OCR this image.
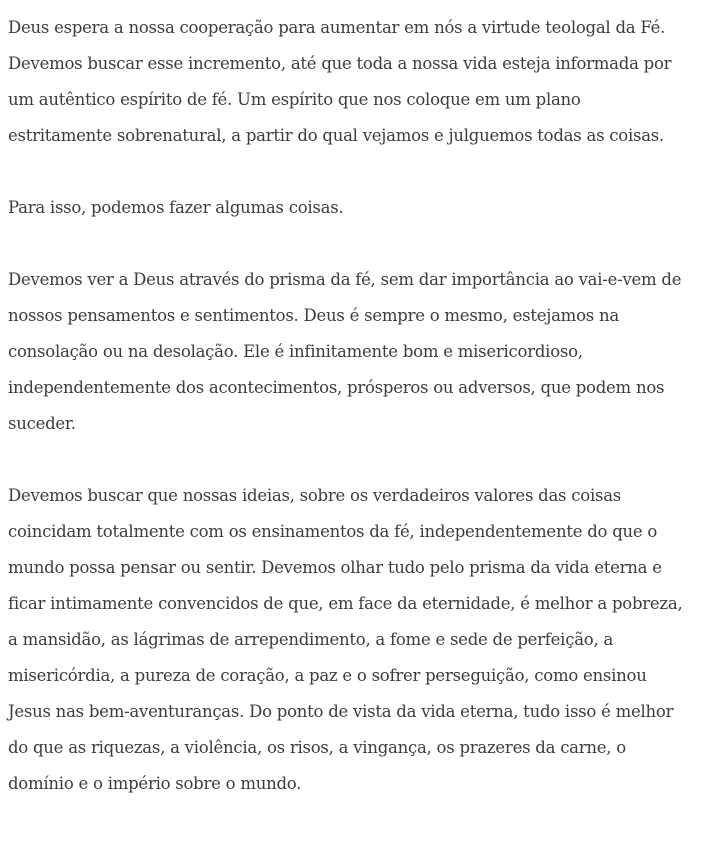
Deus espera a nossa cooperação para aumentar em nós a virtude teologal da Fé. Devemos buscar esse incremento, até que toda a nossa vida esteja informada por um autêntico espírito de fé. Um espírito que nos coloque em um plano estritamente sobrenatural, a partir do qual vejamos e julguemos todas as coisas.

Para isso, podemos fazer algumas coisas.

Devemos ver a Deus através do prisma da fé, sem dar importância ao vai-e-vem de nossos pensamentos e sentimentos. Deus é sempre o mesmo, estejamos na consolação ou na desolação. Ele é infinitamente bom e misericordioso, independentemente dos acontecimentos, prósperos ou adversos, que podem nos suceder.

Devemos buscar que nossas ideias, sobre os verdadeiros valores das coisas coincidam totalmente com os ensinamentos da fé, independentemente do que o mundo possa pensar ou sentir. Devemos olhar tudo pelo prisma da vida eterna e ficar intimamente convencidos de que, em face da eternidade, é melhor a pobreza, a mansidão, as lágrimas de arrependimento, a fome e sede de perfeição, a misericórdia, a pureza de coração, a paz e o sofrer perseguição, como ensinou Jesus nas bem-aventuranças. Do ponto de vista da vida eterna, tudo isso é melhor do que as riquezas, a violência, os risos, a vingança, os prazeres da carne, o domínio e o império sobre o mundo.
